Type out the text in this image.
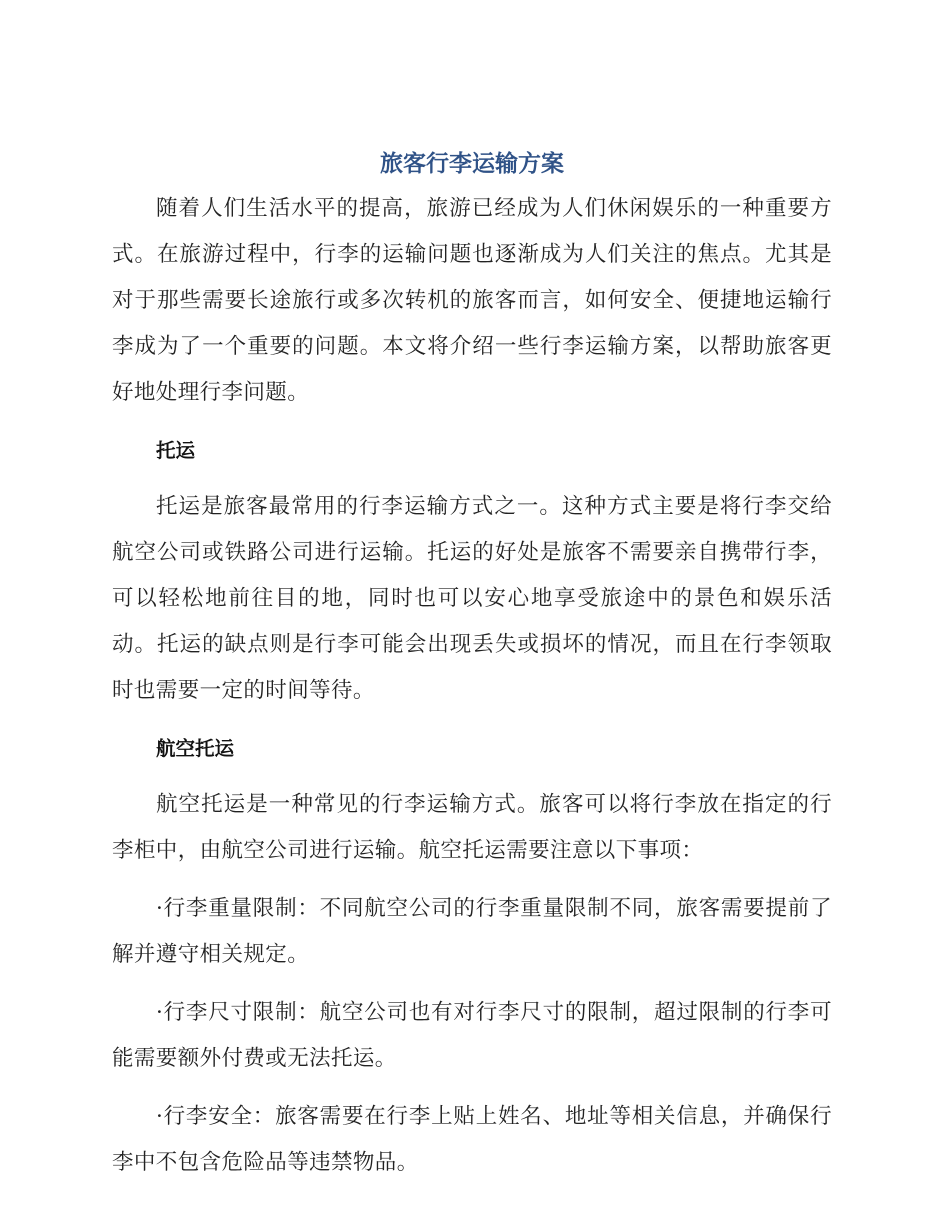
旅客行李运输方案

随着人们生活水平的提高，旅游已经成为人们休闲娱乐的一种重要方式。在旅游过程中，行李的运输问题也逐渐成为人们关注的焦点。尤其是对于那些需要长途旅行或多次转机的旅客而言，如何安全、便捷地运输行李成为了一个重要的问题。本文将介绍一些行李运输方案，以帮助旅客更好地处理行李问题。

托运

托运是旅客最常用的行李运输方式之一。这种方式主要是将行李交给航空公司或铁路公司进行运输。托运的好处是旅客不需要亲自携带行李，可以轻松地前往目的地，同时也可以安心地享受旅途中的景色和娱乐活动。托运的缺点则是行李可能会出现丢失或损坏的情况，而且在行李领取时也需要一定的时间等待。

航空托运

航空托运是一种常见的行李运输方式。旅客可以将行李放在指定的行李柜中，由航空公司进行运输。航空托运需要注意以下事项：

·行李重量限制：不同航空公司的行李重量限制不同，旅客需要提前了解并遵守相关规定。

·行李尺寸限制：航空公司也有对行李尺寸的限制，超过限制的行李可能需要额外付费或无法托运。

·行李安全：旅客需要在行李上贴上姓名、地址等相关信息，并确保行李中不包含危险品等违禁物品。
